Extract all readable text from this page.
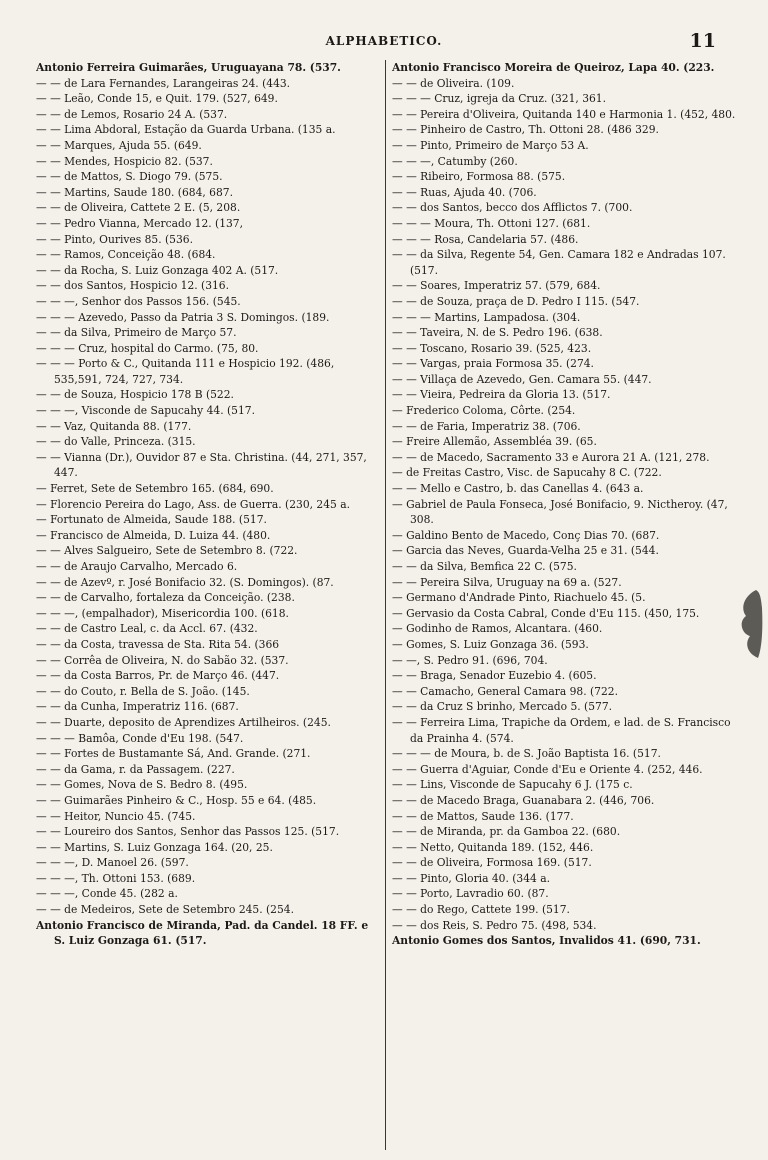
ALPHABETICO.	11
Antonio Ferreira Guimarães, Uruguayana 78. (537.
— — de Lara Fernandes, Larangeiras 24. (443.
— — Leão, Conde 15, e Quit. 179. (527, 649.
— — de Lemos, Rosario 24 A. (537.
— — Lima Abdoral, Estação da Guarda Urbana. (135 a.
— — Marques, Ajuda 55. (649.
— — Mendes, Hospicio 82. (537.
— — de Mattos, S. Diogo 79. (575.
— — Martins, Saude 180. (684, 687.
— — de Oliveira, Cattete 2 E. (5, 208.
— — Pedro Vianna, Mercado 12. (137,
— — Pinto, Ourives 85. (536.
— — Ramos, Conceição 48. (684.
— — da Rocha, S. Luiz Gonzaga 402 A. (517.
— — dos Santos, Hospicio 12. (316.
— — —, Senhor dos Passos 156. (545.
— — — Azevedo, Passo da Patria 3 S. Domingos. (189.
— — da Silva, Primeiro de Março 57.
— — — Cruz, hospital do Carmo. (75, 80.
— — — Porto & C., Quitanda 111 e Hospicio 192. (486, 535,591, 724, 727, 734.
— — de Souza, Hospicio 178 B (522.
— — —, Visconde de Sapucahy 44. (517.
— — Vaz, Quitanda 88. (177.
— — do Valle, Princeza. (315.
— — Vianna (Dr.), Ouvidor 87 e Sta. Christina. (44, 271, 357, 447.
— Ferret, Sete de Setembro 165. (684, 690.
— Florencio Pereira do Lago, Ass. de Guerra. (230, 245 a.
— Fortunato de Almeida, Saude 188. (517.
— Francisco de Almeida, D. Luiza 44. (480.
— — Alves Salgueiro, Sete de Setembro 8. (722.
— — de Araujo Carvalho, Mercado 6.
— — de Azevº, r. José Bonifacio 32. (S. Domingos). (87.
— — de Carvalho, fortaleza da Conceição. (238.
— — —, (empalhador), Misericordia 100. (618.
— — de Castro Leal, c. da Accl. 67. (432.
— — da Costa, travessa de Sta. Rita 54. (366
— — Corrêa de Oliveira, N. do Sabão 32. (537.
— — da Costa Barros, Pr. de Março 46. (447.
— — do Couto, r. Bella de S. João. (145.
— — da Cunha, Imperatriz 116. (687.
— — Duarte, deposito de Aprendizes Artilheiros. (245.
— — — Bamôa, Conde d'Eu 198. (547.
— — Fortes de Bustamante Sá, And. Grande. (271.
— — da Gama, r. da Passagem. (227.
— — Gomes, Nova de S. Bedro 8. (495.
— — Guimarães Pinheiro & C., Hosp. 55 e 64. (485.
— — Heitor, Nuncio 45. (745.
— — Loureiro dos Santos, Senhor das Passos 125. (517.
— — Martins, S. Luiz Gonzaga 164. (20, 25.
— — —, D. Manoel 26. (597.
— — —, Th. Ottoni 153. (689.
— — —, Conde 45. (282 a.
— — de Medeiros, Sete de Setembro 245. (254.
Antonio Francisco de Miranda, Pad. da Candel. 18 FF. e S. Luiz Gonzaga 61. (517.
Antonio Francisco Moreira de Queiroz, Lapa 40. (223.
— — de Oliveira. (109.
— — — Cruz, igreja da Cruz. (321, 361.
— — Pereira d'Oliveira, Quitanda 140 e Harmonia 1. (452, 480.
— — Pinheiro de Castro, Th. Ottoni 28. (486 329.
— — Pinto, Primeiro de Março 53 A.
— — —, Catumby (260.
— — Ribeiro, Formosa 88. (575.
— — Ruas, Ajuda 40. (706.
— — dos Santos, becco dos Afflictos 7. (700.
— — — Moura, Th. Ottoni 127. (681.
— — — Rosa, Candelaria 57. (486.
— — da Silva, Regente 54, Gen. Camara 182 e Andradas 107. (517.
— — Soares, Imperatriz 57. (579, 684.
— — de Souza, praça de D. Pedro I 115. (547.
— — — Martins, Lampadosa. (304.
— — Taveira, N. de S. Pedro 196. (638.
— — Toscano, Rosario 39. (525, 423.
— — Vargas, praia Formosa 35. (274.
— — Villaça de Azevedo, Gen. Camara 55. (447.
— — Vieira, Pedreira da Gloria 13. (517.
— Frederico Coloma, Côrte. (254.
— — de Faria, Imperatriz 38. (706.
— Freire Allemão, Assembléa 39. (65.
— — de Macedo, Sacramento 33 e Aurora 21 A. (121, 278.
— de Freitas Castro, Visc. de Sapucahy 8 C. (722.
— — Mello e Castro, b. das Canellas 4. (643 a.
— Gabriel de Paula Fonseca, José Bonifacio, 9. Nictheroy. (47, 308.
— Galdino Bento de Macedo, Conç Dias 70. (687.
— Garcia das Neves, Guarda-Velha 25 e 31. (544.
— — da Silva, Bemfica 22 C. (575.
— — Pereira Silva, Uruguay na 69 a. (527.
— Germano d'Andrade Pinto, Riachuelo 45. (5.
— Gervasio da Costa Cabral, Conde d'Eu 115. (450, 175.
— Godinho de Ramos, Alcantara. (460.
— Gomes, S. Luiz Gonzaga 36. (593.
— —, S. Pedro 91. (696, 704.
— — Braga, Senador Euzebio 4. (605.
— — Camacho, General Camara 98. (722.
— — da Cruz S brinho, Mercado 5. (577.
— — Ferreira Lima, Trapiche da Ordem, e lad. de S. Francisco da Prainha 4. (574.
— — — de Moura, b. de S. João Baptista 16. (517.
— — Guerra d'Aguiar, Conde d'Eu e Oriente 4. (252, 446.
— — Lins, Visconde de Sapucahy 6 J. (175 c.
— — de Macedo Braga, Guanabara 2. (446, 706.
— — de Mattos, Saude 136. (177.
— — de Miranda, pr. da Gamboa 22. (680.
— — Netto, Quitanda 189. (152, 446.
— — de Oliveira, Formosa 169. (517.
— — Pinto, Gloria 40. (344 a.
— — Porto, Lavradio 60. (87.
— — do Rego, Cattete 199. (517.
— — dos Reis, S. Pedro 75. (498, 534.
Antonio Gomes dos Santos, Invalidos 41. (690, 731.
